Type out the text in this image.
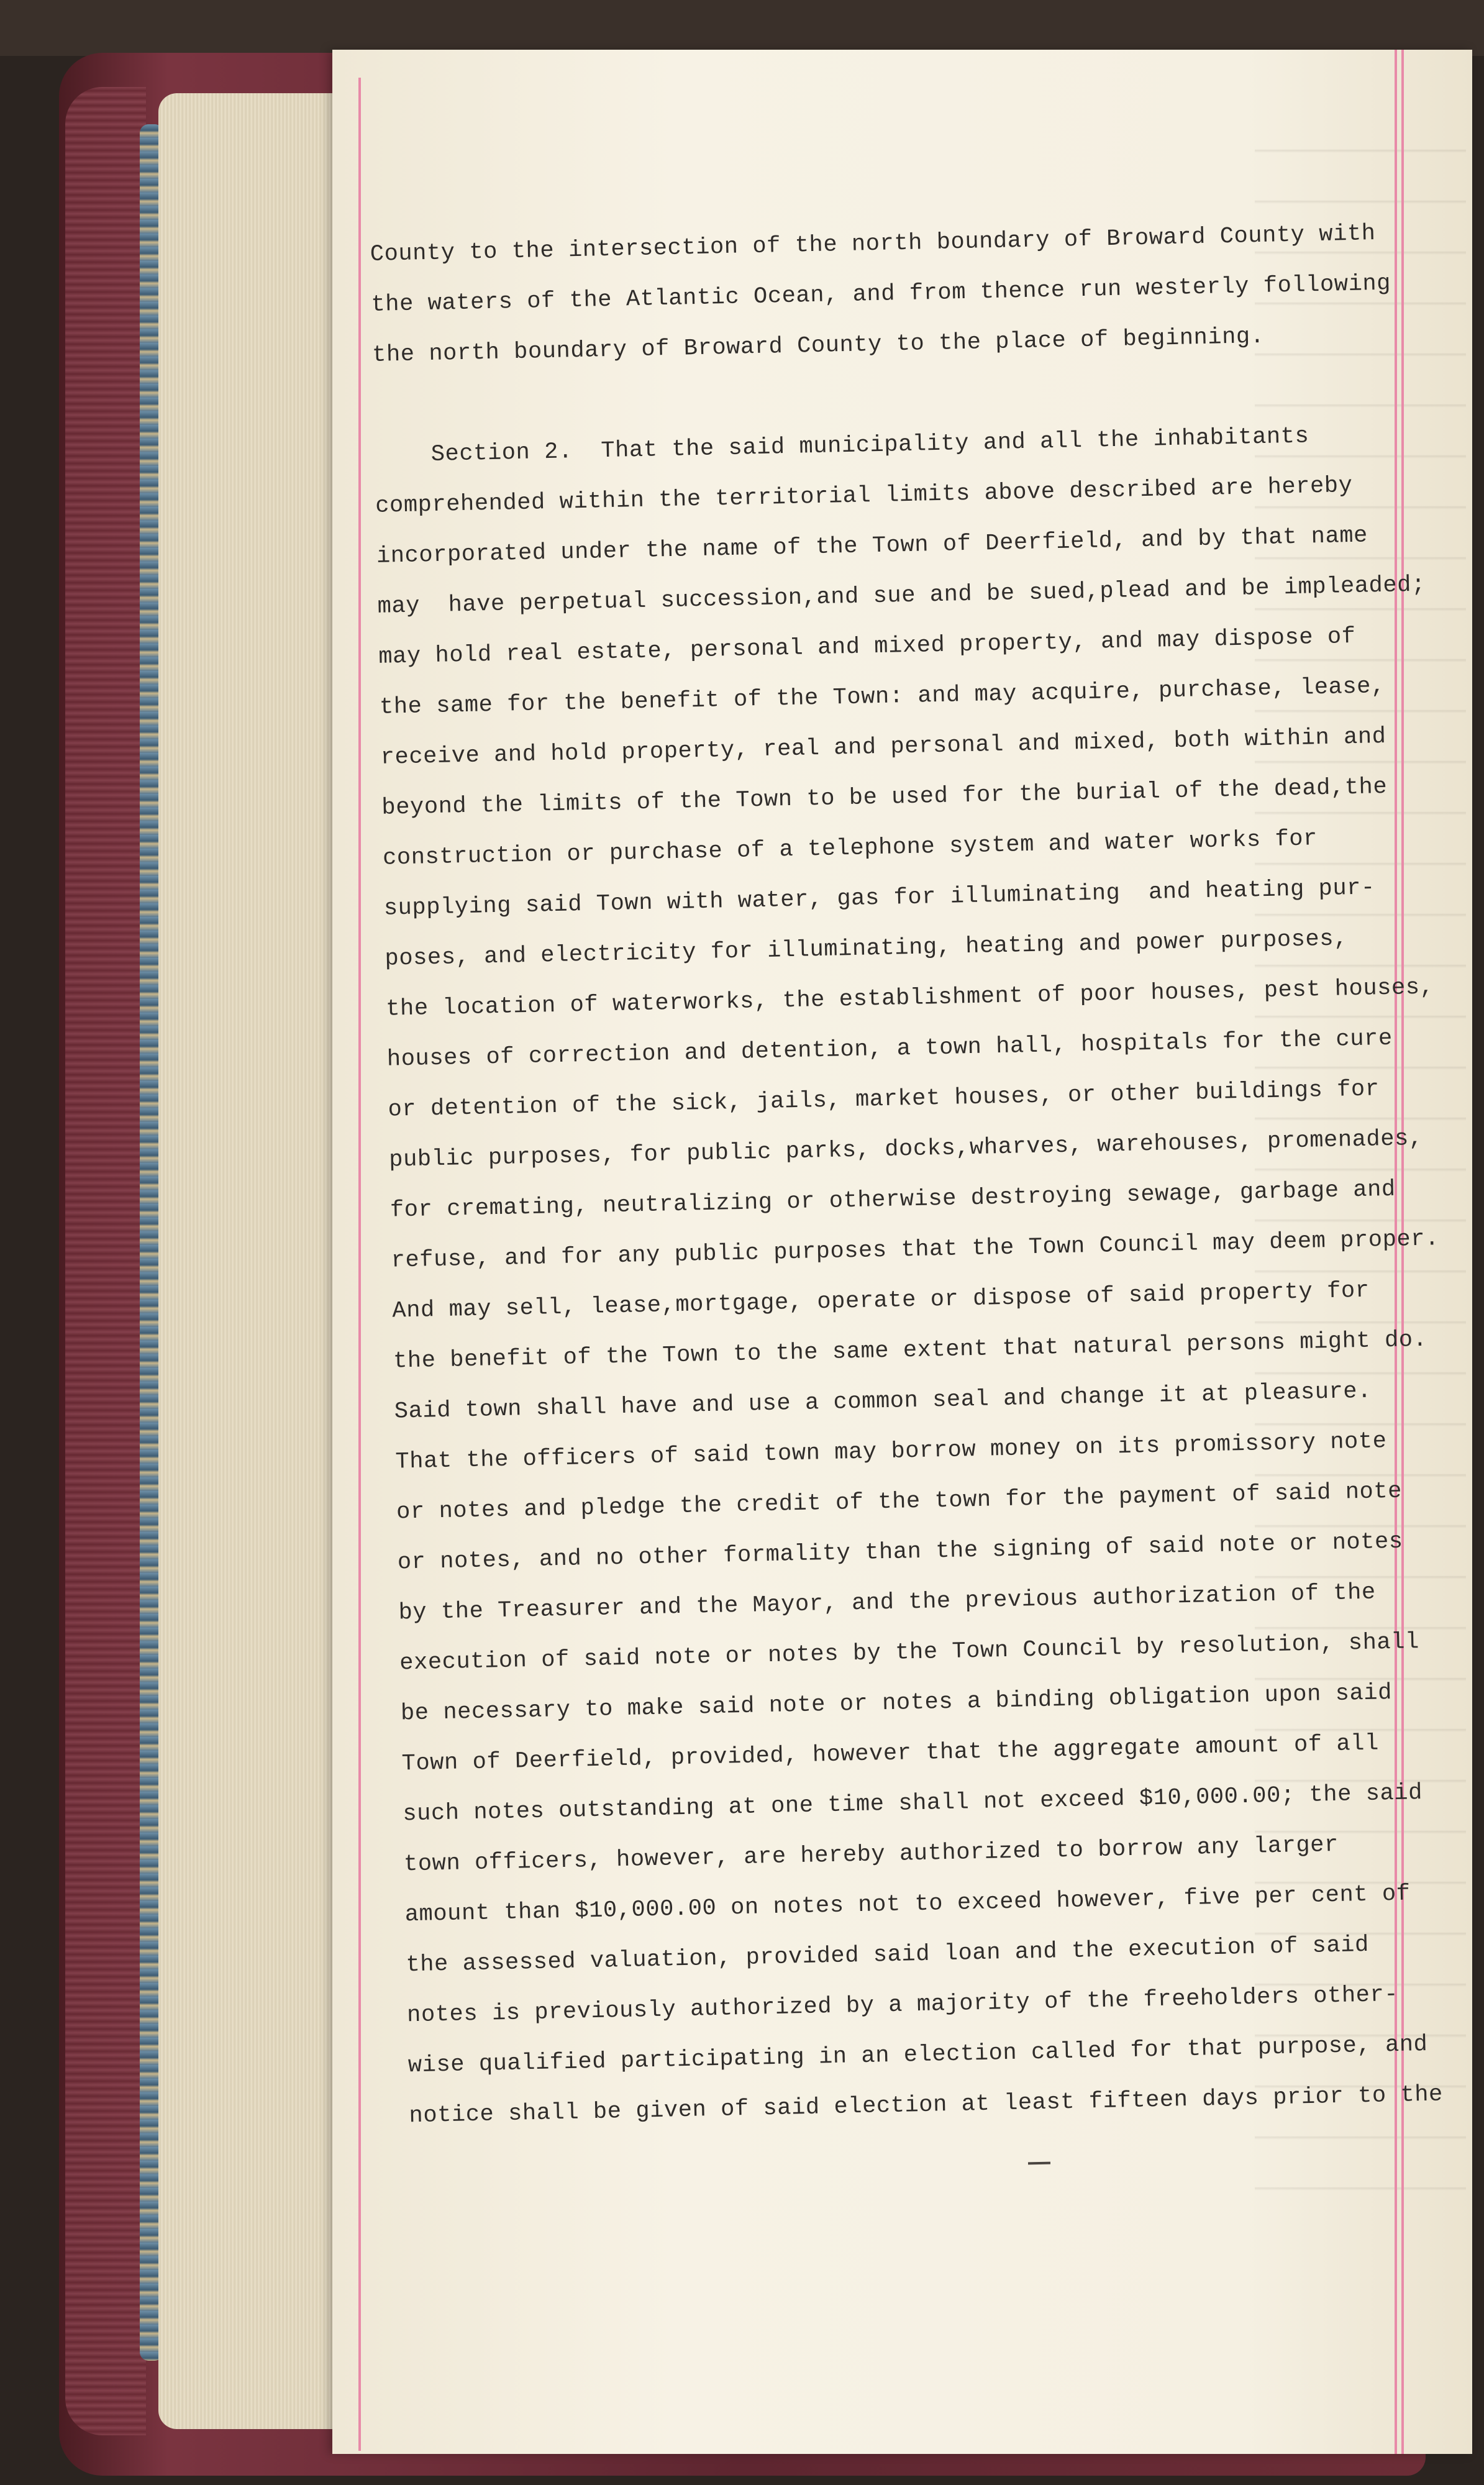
County to the intersection of the north boundary of Broward County with
the waters of the Atlantic Ocean, and from thence run westerly following
the north boundary of Broward County to the place of beginning.
Section 2.  That the said municipality and all the inhabitants
comprehended within the territorial limits above described are hereby
incorporated under the name of the Town of Deerfield, and by that name
may  have perpetual succession,and sue and be sued,plead and be impleaded;
may hold real estate, personal and mixed property, and may dispose of
the same for the benefit of the Town: and may acquire, purchase, lease,
receive and hold property, real and personal and mixed, both within and
beyond the limits of the Town to be used for the burial of the dead,the
construction or purchase of a telephone system and water works for
supplying said Town with water, gas for illuminating  and heating pur-
poses, and electricity for illuminating, heating and power purposes,
the location of waterworks, the establishment of poor houses, pest houses,
houses of correction and detention, a town hall, hospitals for the cure
or detention of the sick, jails, market houses, or other buildings for
public purposes, for public parks, docks,wharves, warehouses, promenades,
for cremating, neutralizing or otherwise destroying sewage, garbage and
refuse, and for any public purposes that the Town Council may deem proper.
And may sell, lease,mortgage, operate or dispose of said property for
the benefit of the Town to the same extent that natural persons might do.
Said town shall have and use a common seal and change it at pleasure.
That the officers of said town may borrow money on its promissory note
or notes and pledge the credit of the town for the payment of said note
or notes, and no other formality than the signing of said note or notes
by the Treasurer and the Mayor, and the previous authorization of the
execution of said note or notes by the Town Council by resolution, shall
be necessary to make said note or notes a binding obligation upon said
Town of Deerfield, provided, however that the aggregate amount of all
such notes outstanding at one time shall not exceed $10,000.00; the said
town officers, however, are hereby authorized to borrow any larger
amount than $10,000.00 on notes not to exceed however, five per cent of
the assessed valuation, provided said loan and the execution of said
notes is previously authorized by a majority of the freeholders other-
wise qualified participating in an election called for that purpose, and
notice shall be given of said election at least fifteen days prior to the
